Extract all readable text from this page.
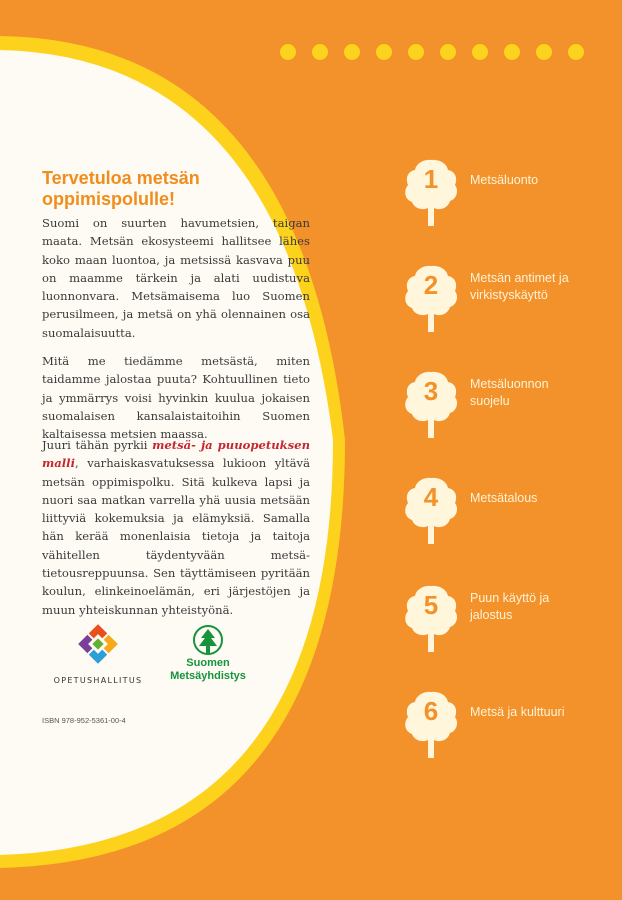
Tervetuloa metsän
oppimispolulle!

Suomi on suurten havumetsien, taigan maata. Metsän ekosysteemi hallitsee lähes koko maan luontoa, ja metsissä kasvava puu on maamme tärkein ja alati uudistuva luonnonvara. Metsämaisema luo Suomen perusilmeen, ja metsä on yhä olennainen osa suomalaisuutta.

Mitä me tiedämme metsästä, miten taidamme jalostaa puuta? Kohtuullinen tieto ja ymmärrys voisi hyvinkin kuulua jokaisen suomalaisen kansalaistaitoihin Suomen kaltaisessa metsien maassa.

Juuri tähän pyrkii metsä- ja puuopetuksen malli, varhaiskasvatuksessa lukioon yltävä metsän oppimispolku. Sitä kulkeva lapsi ja nuori saa matkan varrella yhä uusia metsään liittyviä kokemuksia ja elämyksiä. Samalla hän kerää monenlaisia tietoja ja taitoja vähitellen täydentyvään metsätietousreppuunsa. Sen täyttämiseen pyritään koulun, elinkeinoelämän, eri järjestöjen ja muun yhteiskunnan yhteistyönä.

OPETUSHALLITUS
Suomen
Metsäyhdistys
ISBN 978-952-5361-00-4
1	Metsäluonto
2	Metsän antimet ja
virkistyskäyttö
3	Metsäluonnon
suojelu
4	Metsätalous
5	Puun käyttö ja
jalostus
6	Metsä ja kulttuuri
